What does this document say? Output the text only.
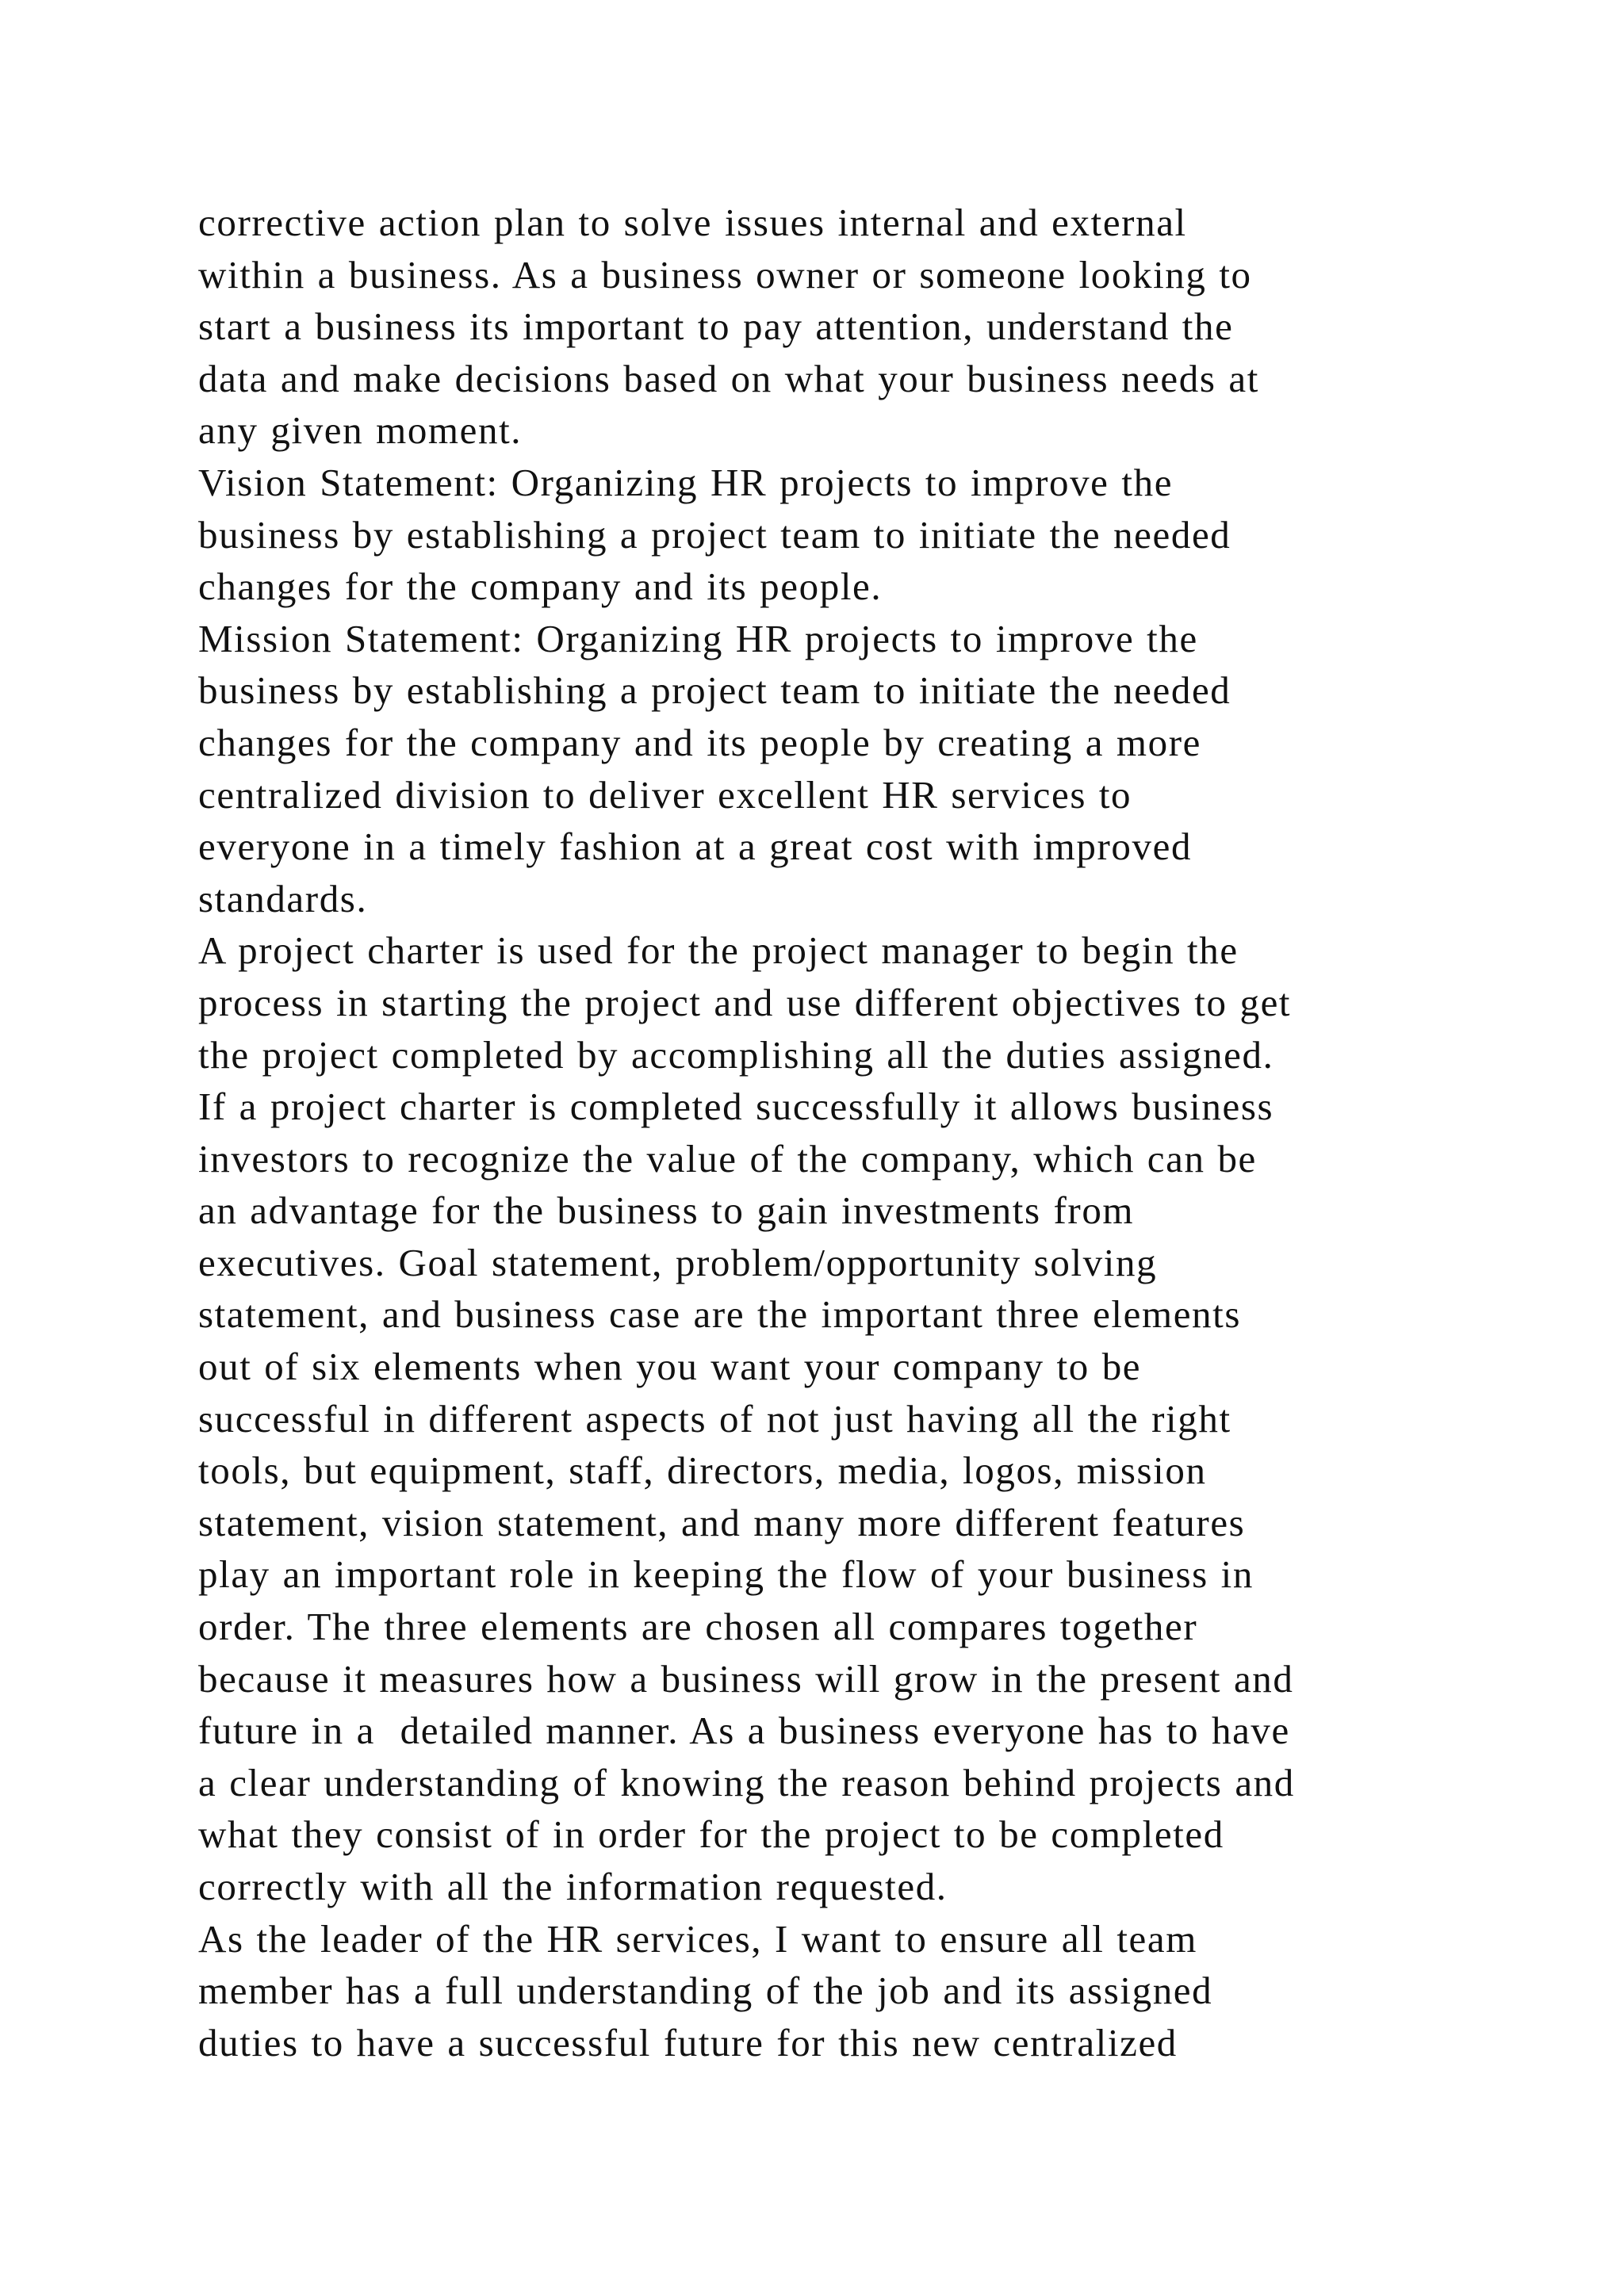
corrective action plan to solve issues internal and external
within a business. As a business owner or someone looking to
start a business its important to pay attention, understand the
data and make decisions based on what your business needs at
any given moment.
Vision Statement: Organizing HR projects to improve the
business by establishing a project team to initiate the needed
changes for the company and its people.
Mission Statement: Organizing HR projects to improve the
business by establishing a project team to initiate the needed
changes for the company and its people by creating a more
centralized division to deliver excellent HR services to
everyone in a timely fashion at a great cost with improved
standards.
A project charter is used for the project manager to begin the
process in starting the project and use different objectives to get
the project completed by accomplishing all the duties assigned.
If a project charter is completed successfully it allows business
investors to recognize the value of the company, which can be
an advantage for the business to gain investments from
executives. Goal statement, problem/opportunity solving
statement, and business case are the important three elements
out of six elements when you want your company to be
successful in different aspects of not just having all the right
tools, but equipment, staff, directors, media, logos, mission
statement, vision statement, and many more different features
play an important role in keeping the flow of your business in
order. The three elements are chosen all compares together
because it measures how a business will grow in the present and
future in a  detailed manner. As a business everyone has to have
a clear understanding of knowing the reason behind projects and
what they consist of in order for the project to be completed
correctly with all the information requested.
As the leader of the HR services, I want to ensure all team
member has a full understanding of the job and its assigned
duties to have a successful future for this new centralized
